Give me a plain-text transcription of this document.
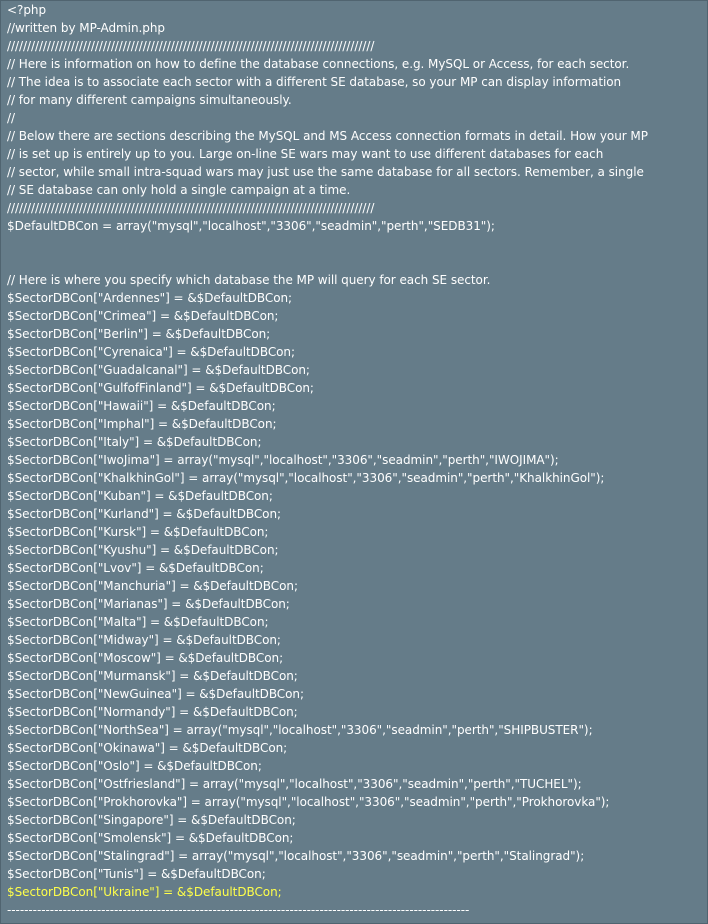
<?php
//written by MP-Admin.php
////////////////////////////////////////////////////////////////////////////////////////////
// Here is information on how to define the database connections, e.g. MySQL or Access, for each sector.
// The idea is to associate each sector with a different SE database, so your MP can display information
// for many different campaigns simultaneously.
//
// Below there are sections describing the MySQL and MS Access connection formats in detail. How your MP
// is set up is entirely up to you. Large on-line SE wars may want to use different databases for each
// sector, while small intra-squad wars may just use the same database for all sectors. Remember, a single
// SE database can only hold a single campaign at a time.
////////////////////////////////////////////////////////////////////////////////////////////
$DefaultDBCon = array("mysql","localhost","3306","seadmin","perth","SEDB31");
// Here is where you specify which database the MP will query for each SE sector.
$SectorDBCon["Ardennes"] = &$DefaultDBCon;
$SectorDBCon["Crimea"] = &$DefaultDBCon;
$SectorDBCon["Berlin"] = &$DefaultDBCon;
$SectorDBCon["Cyrenaica"] = &$DefaultDBCon;
$SectorDBCon["Guadalcanal"] = &$DefaultDBCon;
$SectorDBCon["GulfofFinland"] = &$DefaultDBCon;
$SectorDBCon["Hawaii"] = &$DefaultDBCon;
$SectorDBCon["Imphal"] = &$DefaultDBCon;
$SectorDBCon["Italy"] = &$DefaultDBCon;
$SectorDBCon["IwoJima"] = array("mysql","localhost","3306","seadmin","perth","IWOJIMA");
$SectorDBCon["KhalkhinGol"] = array("mysql","localhost","3306","seadmin","perth","KhalkhinGol");
$SectorDBCon["Kuban"] = &$DefaultDBCon;
$SectorDBCon["Kurland"] = &$DefaultDBCon;
$SectorDBCon["Kursk"] = &$DefaultDBCon;
$SectorDBCon["Kyushu"] = &$DefaultDBCon;
$SectorDBCon["Lvov"] = &$DefaultDBCon;
$SectorDBCon["Manchuria"] = &$DefaultDBCon;
$SectorDBCon["Marianas"] = &$DefaultDBCon;
$SectorDBCon["Malta"] = &$DefaultDBCon;
$SectorDBCon["Midway"] = &$DefaultDBCon;
$SectorDBCon["Moscow"] = &$DefaultDBCon;
$SectorDBCon["Murmansk"] = &$DefaultDBCon;
$SectorDBCon["NewGuinea"] = &$DefaultDBCon;
$SectorDBCon["Normandy"] = &$DefaultDBCon;
$SectorDBCon["NorthSea"] = array("mysql","localhost","3306","seadmin","perth","SHIPBUSTER");
$SectorDBCon["Okinawa"] = &$DefaultDBCon;
$SectorDBCon["Oslo"] = &$DefaultDBCon;
$SectorDBCon["Ostfriesland"] = array("mysql","localhost","3306","seadmin","perth","TUCHEL");
$SectorDBCon["Prokhorovka"] = array("mysql","localhost","3306","seadmin","perth","Prokhorovka");
$SectorDBCon["Singapore"] = &$DefaultDBCon;
$SectorDBCon["Smolensk"] = &$DefaultDBCon;
$SectorDBCon["Stalingrad"] = array("mysql","localhost","3306","seadmin","perth","Stalingrad");
$SectorDBCon["Tunis"] = &$DefaultDBCon;
$SectorDBCon["Ukraine"] = &$DefaultDBCon;
------------------------------------------------------------------------------------------------------------
